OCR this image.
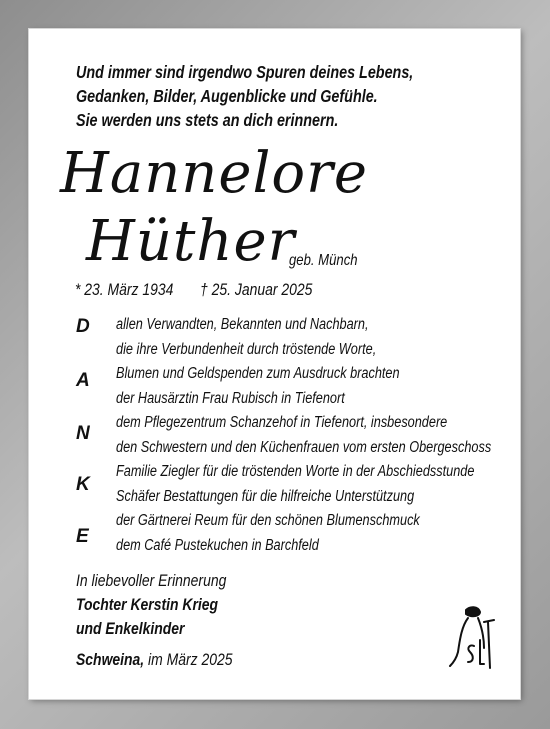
Und immer sind irgendwo Spuren deines Lebens,
Gedanken, Bilder, Augenblicke und Gefühle.
Sie werden uns stets an dich erinnern.
Hannelore
Hüther
geb. Münch
* 23. März 1934 † 25. Januar 2025
D
A
N
K
E
allen Verwandten, Bekannten und Nachbarn,
die ihre Verbundenheit durch tröstende Worte,
Blumen und Geldspenden zum Ausdruck brachten
der Hausärztin Frau Rubisch in Tiefenort
dem Pflegezentrum Schanzehof in Tiefenort, insbesondere
den Schwestern und den Küchenfrauen vom ersten Obergeschoss
Familie Ziegler für die tröstenden Worte in der Abschiedsstunde
Schäfer Bestattungen für die hilfreiche Unterstützung
der Gärtnerei Reum für den schönen Blumenschmuck
dem Café Pustekuchen in Barchfeld
In liebevoller Erinnerung
Tochter Kerstin Krieg
und Enkelkinder
Schweina, im März 2025
